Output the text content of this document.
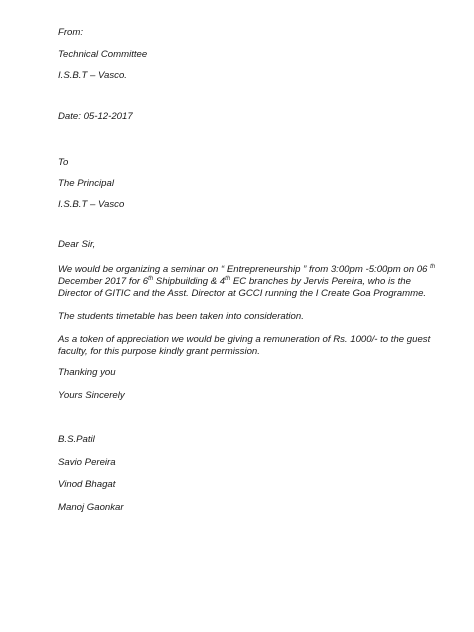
From:
Technical Committee
I.S.B.T – Vasco.
Date: 05-12-2017
To
The Principal
I.S.B.T – Vasco
Dear Sir,
We would be organizing a seminar on “ Entrepreneurship ” from 3:00pm -5:00pm on 06 $^{th}$
December 2017 for 6th Shipbuilding & 4th EC branches by Jervis Pereira, who is the
Director of GITIC and the Asst. Director at GCCI running the I Create Goa Programme.
The students timetable has been taken into consideration.
As a token of appreciation we would be giving a remuneration of Rs. 1000/- to the guest
faculty, for this purpose kindly grant permission.
Thanking you
Yours Sincerely
B.S.Patil
Savio Pereira
Vinod Bhagat
Manoj Gaonkar
